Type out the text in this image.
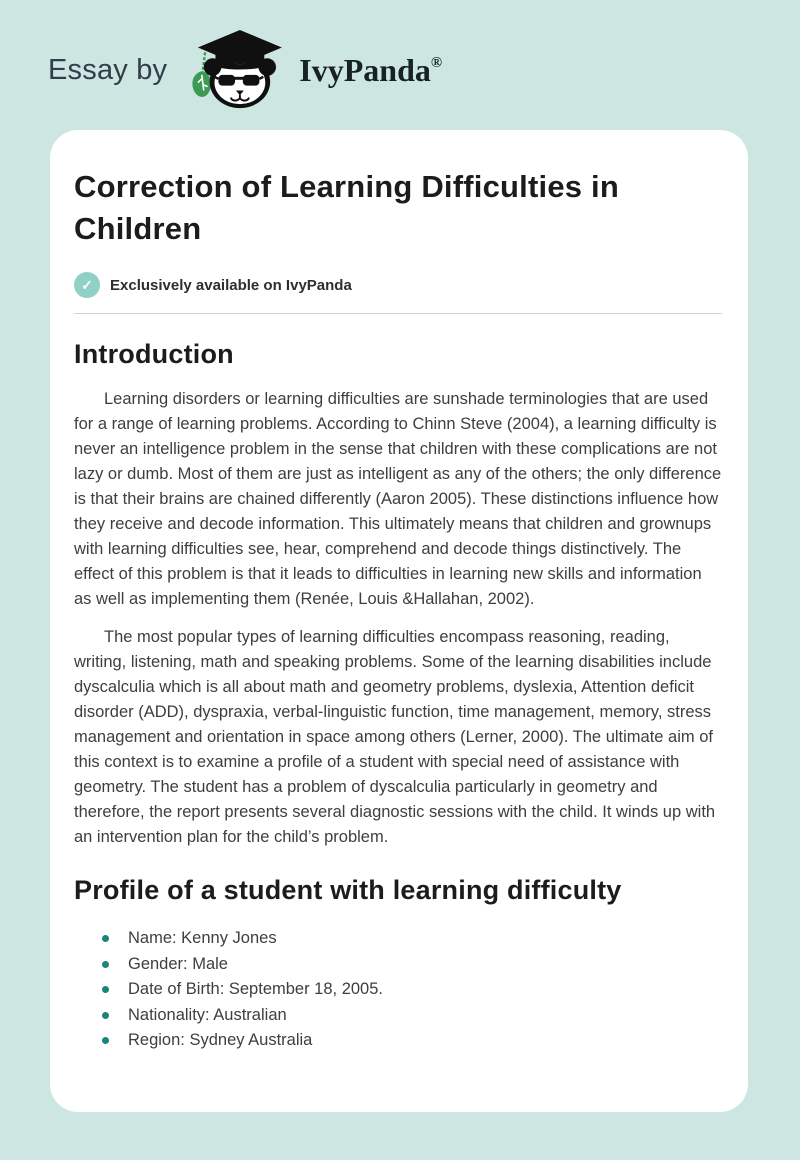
Essay by	IvyPanda®
Correction of Learning Difficulties in Children
✓	Exclusively available on IvyPanda
Introduction

Learning disorders or learning difficulties are sunshade terminologies that are used for a range of learning problems. According to Chinn Steve (2004), a learning difficulty is never an intelligence problem in the sense that children with these complications are not lazy or dumb. Most of them are just as intelligent as any of the others; the only difference is that their brains are chained differently (Aaron 2005). These distinctions influence how they receive and decode information. This ultimately means that children and grownups with learning difficulties see, hear, comprehend and decode things distinctively. The effect of this problem is that it leads to difficulties in learning new skills and information as well as implementing them (Renée, Louis &Hallahan, 2002).

The most popular types of learning difficulties encompass reasoning, reading, writing, listening, math and speaking problems. Some of the learning disabilities include dyscalculia which is all about math and geometry problems, dyslexia, Attention deficit disorder (ADD), dyspraxia, verbal-linguistic function, time management, memory, stress management and orientation in space among others (Lerner, 2000). The ultimate aim of this context is to examine a profile of a student with special need of assistance with geometry. The student has a problem of dyscalculia particularly in geometry and therefore, the report presents several diagnostic sessions with the child. It winds up with an intervention plan for the child’s problem.

Profile of a student with learning difficulty
Name: Kenny Jones
Gender: Male
Date of Birth: September 18, 2005.
Nationality: Australian
Region: Sydney Australia
